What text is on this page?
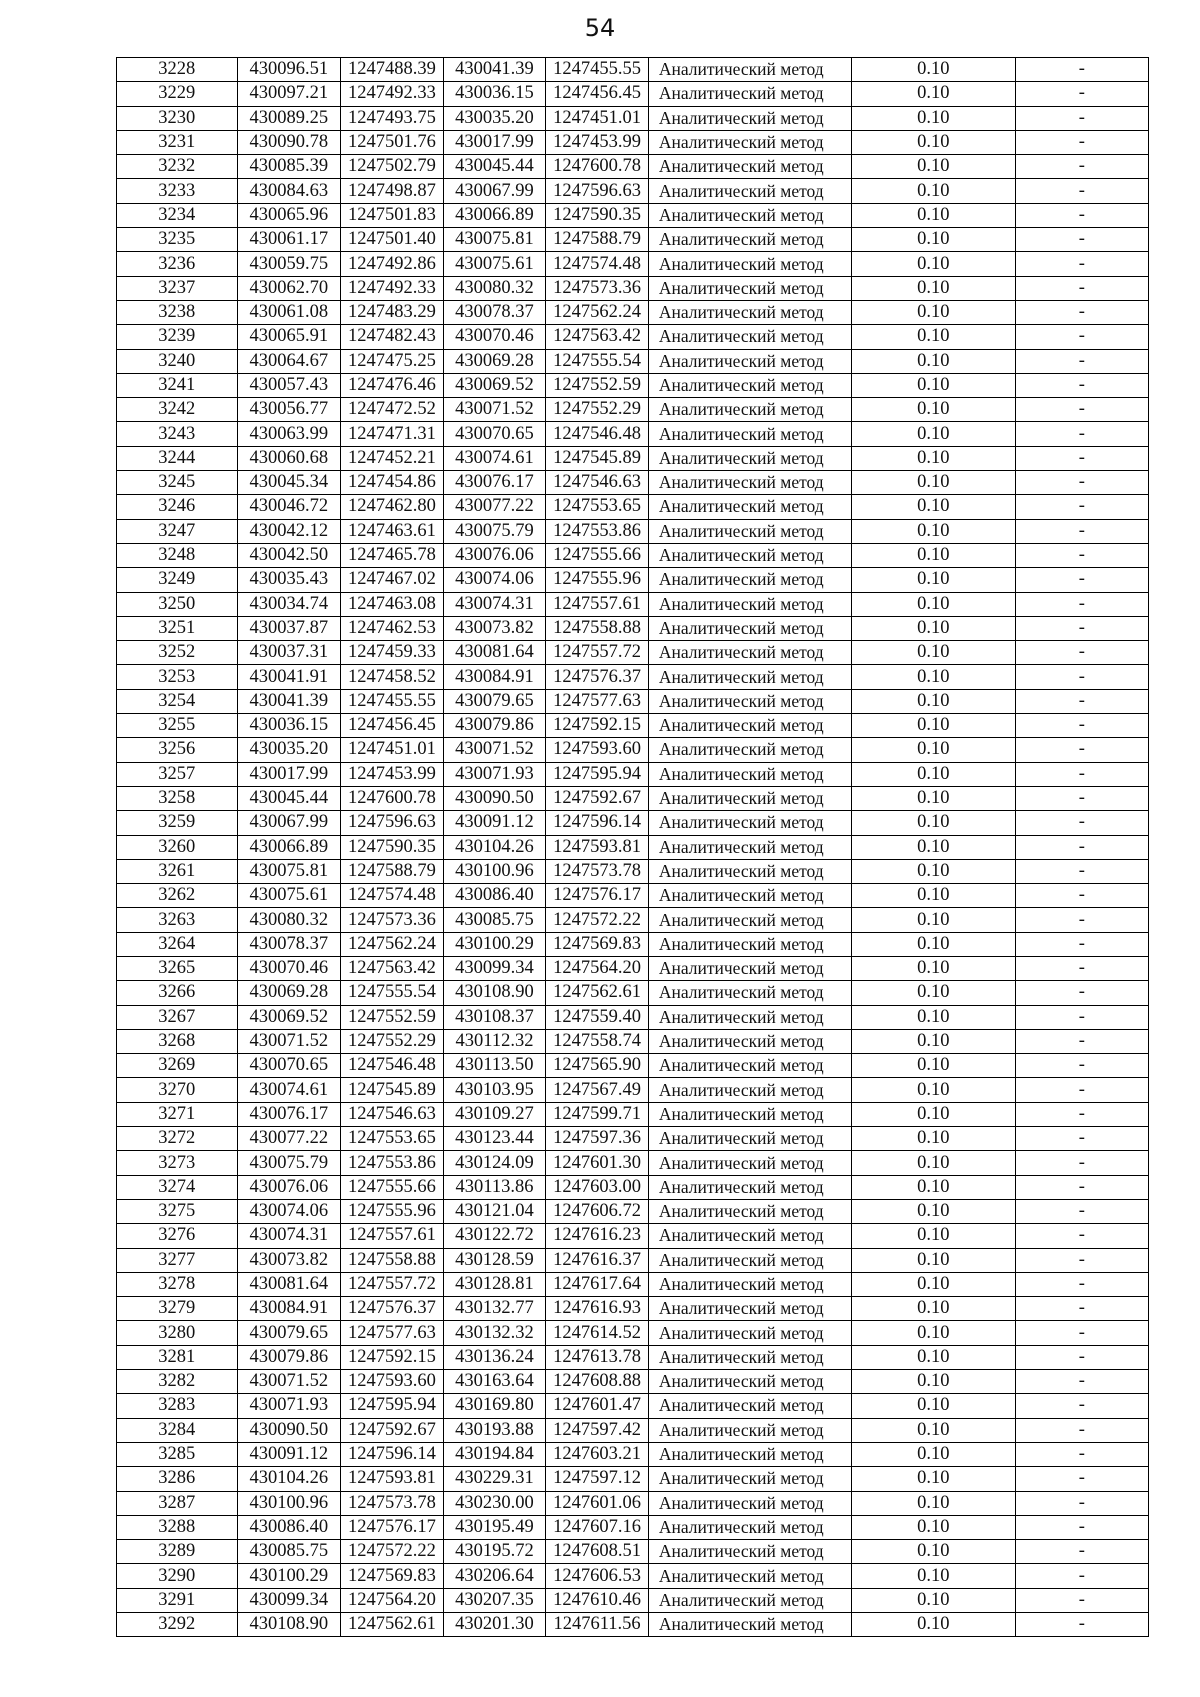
54
3228	430096.51	1247488.39	430041.39	1247455.55	Аналитический метод	0.10	-
3229	430097.21	1247492.33	430036.15	1247456.45	Аналитический метод	0.10	-
3230	430089.25	1247493.75	430035.20	1247451.01	Аналитический метод	0.10	-
3231	430090.78	1247501.76	430017.99	1247453.99	Аналитический метод	0.10	-
3232	430085.39	1247502.79	430045.44	1247600.78	Аналитический метод	0.10	-
3233	430084.63	1247498.87	430067.99	1247596.63	Аналитический метод	0.10	-
3234	430065.96	1247501.83	430066.89	1247590.35	Аналитический метод	0.10	-
3235	430061.17	1247501.40	430075.81	1247588.79	Аналитический метод	0.10	-
3236	430059.75	1247492.86	430075.61	1247574.48	Аналитический метод	0.10	-
3237	430062.70	1247492.33	430080.32	1247573.36	Аналитический метод	0.10	-
3238	430061.08	1247483.29	430078.37	1247562.24	Аналитический метод	0.10	-
3239	430065.91	1247482.43	430070.46	1247563.42	Аналитический метод	0.10	-
3240	430064.67	1247475.25	430069.28	1247555.54	Аналитический метод	0.10	-
3241	430057.43	1247476.46	430069.52	1247552.59	Аналитический метод	0.10	-
3242	430056.77	1247472.52	430071.52	1247552.29	Аналитический метод	0.10	-
3243	430063.99	1247471.31	430070.65	1247546.48	Аналитический метод	0.10	-
3244	430060.68	1247452.21	430074.61	1247545.89	Аналитический метод	0.10	-
3245	430045.34	1247454.86	430076.17	1247546.63	Аналитический метод	0.10	-
3246	430046.72	1247462.80	430077.22	1247553.65	Аналитический метод	0.10	-
3247	430042.12	1247463.61	430075.79	1247553.86	Аналитический метод	0.10	-
3248	430042.50	1247465.78	430076.06	1247555.66	Аналитический метод	0.10	-
3249	430035.43	1247467.02	430074.06	1247555.96	Аналитический метод	0.10	-
3250	430034.74	1247463.08	430074.31	1247557.61	Аналитический метод	0.10	-
3251	430037.87	1247462.53	430073.82	1247558.88	Аналитический метод	0.10	-
3252	430037.31	1247459.33	430081.64	1247557.72	Аналитический метод	0.10	-
3253	430041.91	1247458.52	430084.91	1247576.37	Аналитический метод	0.10	-
3254	430041.39	1247455.55	430079.65	1247577.63	Аналитический метод	0.10	-
3255	430036.15	1247456.45	430079.86	1247592.15	Аналитический метод	0.10	-
3256	430035.20	1247451.01	430071.52	1247593.60	Аналитический метод	0.10	-
3257	430017.99	1247453.99	430071.93	1247595.94	Аналитический метод	0.10	-
3258	430045.44	1247600.78	430090.50	1247592.67	Аналитический метод	0.10	-
3259	430067.99	1247596.63	430091.12	1247596.14	Аналитический метод	0.10	-
3260	430066.89	1247590.35	430104.26	1247593.81	Аналитический метод	0.10	-
3261	430075.81	1247588.79	430100.96	1247573.78	Аналитический метод	0.10	-
3262	430075.61	1247574.48	430086.40	1247576.17	Аналитический метод	0.10	-
3263	430080.32	1247573.36	430085.75	1247572.22	Аналитический метод	0.10	-
3264	430078.37	1247562.24	430100.29	1247569.83	Аналитический метод	0.10	-
3265	430070.46	1247563.42	430099.34	1247564.20	Аналитический метод	0.10	-
3266	430069.28	1247555.54	430108.90	1247562.61	Аналитический метод	0.10	-
3267	430069.52	1247552.59	430108.37	1247559.40	Аналитический метод	0.10	-
3268	430071.52	1247552.29	430112.32	1247558.74	Аналитический метод	0.10	-
3269	430070.65	1247546.48	430113.50	1247565.90	Аналитический метод	0.10	-
3270	430074.61	1247545.89	430103.95	1247567.49	Аналитический метод	0.10	-
3271	430076.17	1247546.63	430109.27	1247599.71	Аналитический метод	0.10	-
3272	430077.22	1247553.65	430123.44	1247597.36	Аналитический метод	0.10	-
3273	430075.79	1247553.86	430124.09	1247601.30	Аналитический метод	0.10	-
3274	430076.06	1247555.66	430113.86	1247603.00	Аналитический метод	0.10	-
3275	430074.06	1247555.96	430121.04	1247606.72	Аналитический метод	0.10	-
3276	430074.31	1247557.61	430122.72	1247616.23	Аналитический метод	0.10	-
3277	430073.82	1247558.88	430128.59	1247616.37	Аналитический метод	0.10	-
3278	430081.64	1247557.72	430128.81	1247617.64	Аналитический метод	0.10	-
3279	430084.91	1247576.37	430132.77	1247616.93	Аналитический метод	0.10	-
3280	430079.65	1247577.63	430132.32	1247614.52	Аналитический метод	0.10	-
3281	430079.86	1247592.15	430136.24	1247613.78	Аналитический метод	0.10	-
3282	430071.52	1247593.60	430163.64	1247608.88	Аналитический метод	0.10	-
3283	430071.93	1247595.94	430169.80	1247601.47	Аналитический метод	0.10	-
3284	430090.50	1247592.67	430193.88	1247597.42	Аналитический метод	0.10	-
3285	430091.12	1247596.14	430194.84	1247603.21	Аналитический метод	0.10	-
3286	430104.26	1247593.81	430229.31	1247597.12	Аналитический метод	0.10	-
3287	430100.96	1247573.78	430230.00	1247601.06	Аналитический метод	0.10	-
3288	430086.40	1247576.17	430195.49	1247607.16	Аналитический метод	0.10	-
3289	430085.75	1247572.22	430195.72	1247608.51	Аналитический метод	0.10	-
3290	430100.29	1247569.83	430206.64	1247606.53	Аналитический метод	0.10	-
3291	430099.34	1247564.20	430207.35	1247610.46	Аналитический метод	0.10	-
3292	430108.90	1247562.61	430201.30	1247611.56	Аналитический метод	0.10	-
